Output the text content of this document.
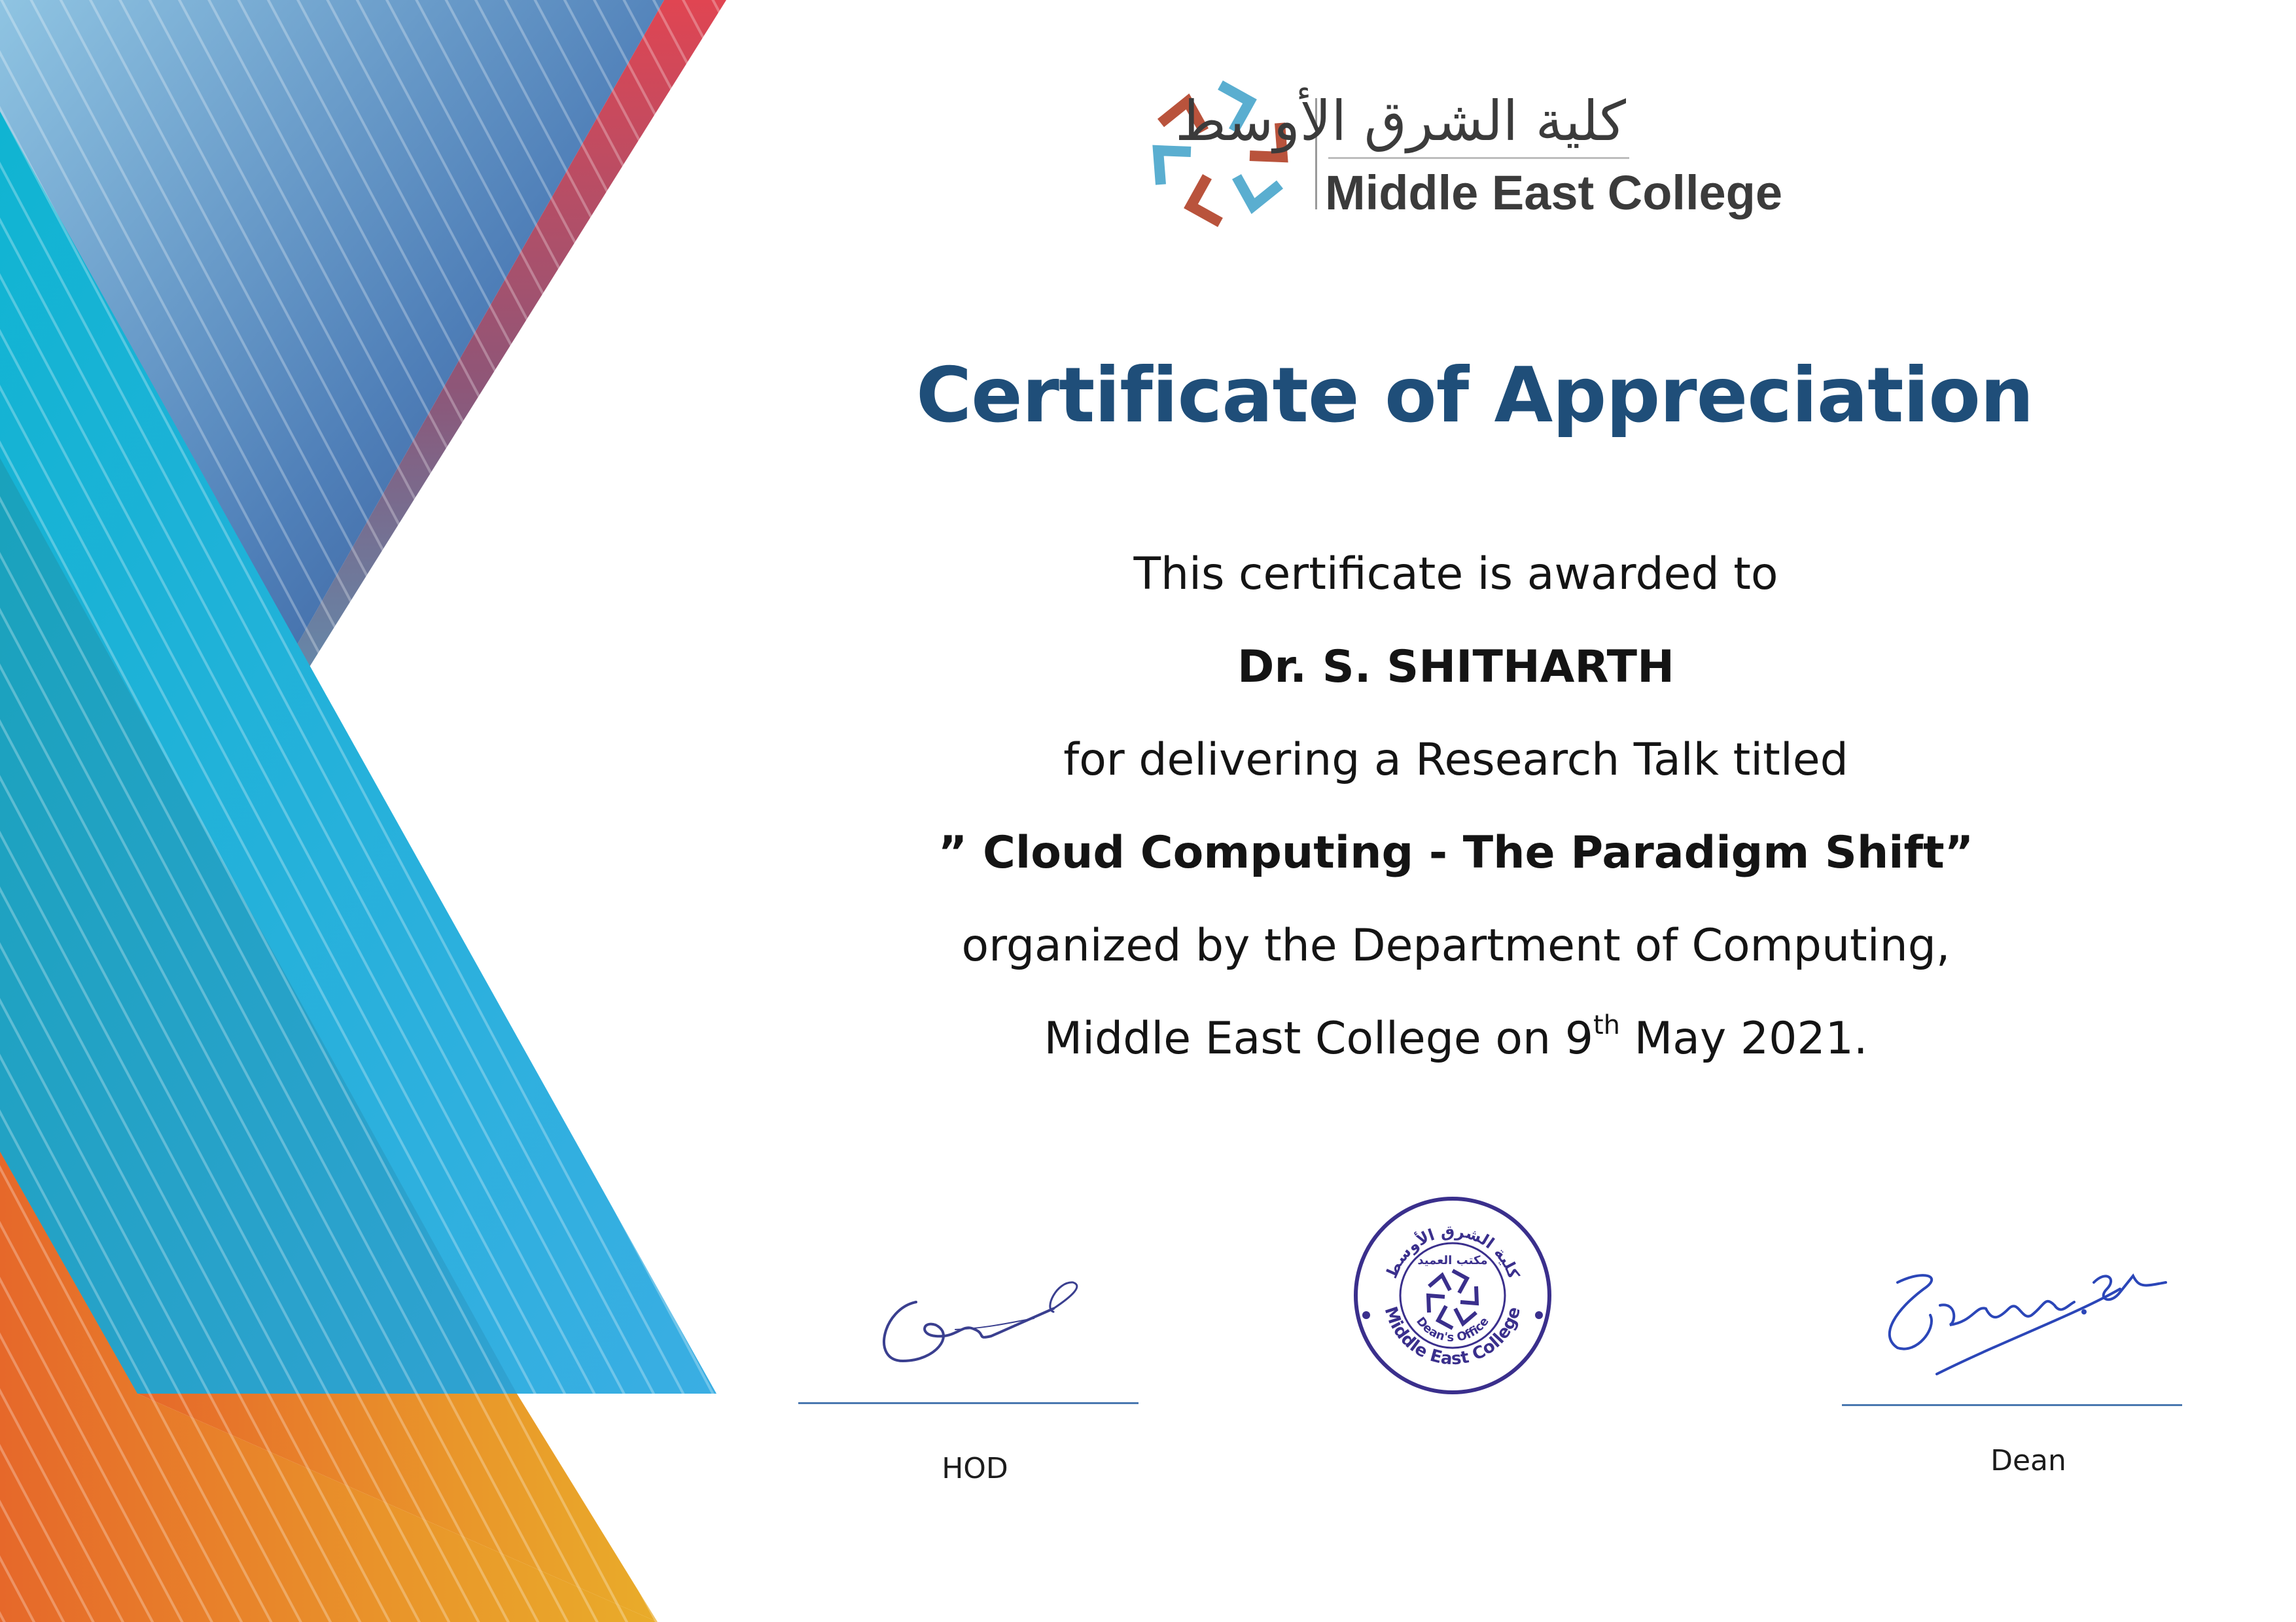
كلية الشرق الأوسط
Middle East College
Certificate of Appreciation
This certificate is awarded to
Dr. S. SHITHARTH
for delivering a Research Talk titled
” Cloud Computing - The Paradigm Shift”
organized by the Department of Computing,
Middle East College on 9th May 2021.
HOD
كلية الشرق الأوسط
مكتب العميد
Dean's Office
Middle East College
Dean
